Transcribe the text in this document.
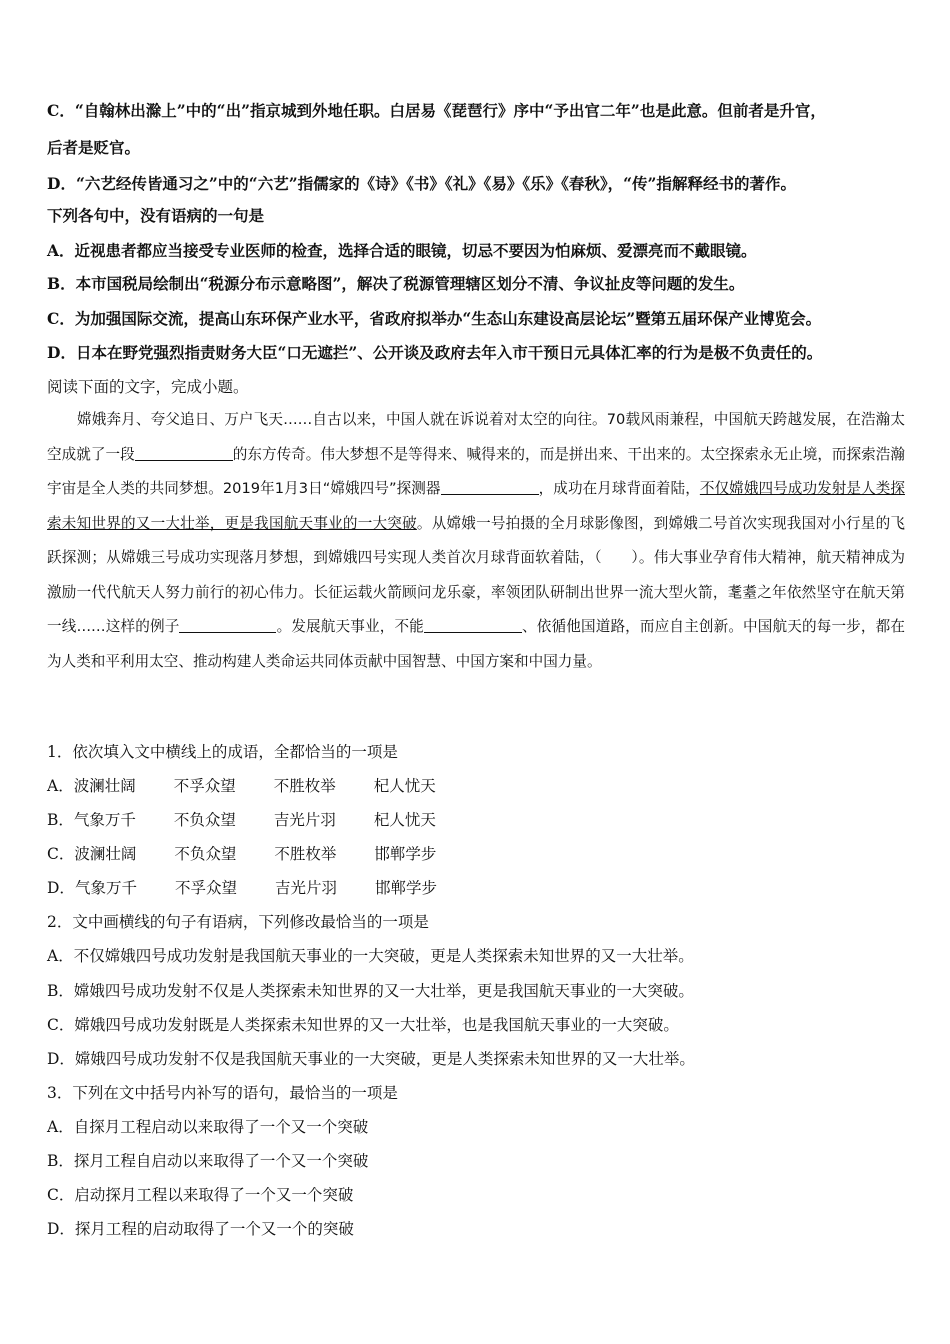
C．“自翰林出滁上”中的“出”指京城到外地任职。白居易《琵琶行》序中“予出官二年”也是此意。但前者是升官，
后者是贬官。
D．“六艺经传皆通习之”中的“六艺”指儒家的《诗》《书》《礼》《易》《乐》《春秋》，“传”指解释经书的著作。
下列各句中，没有语病的一句是
A．近视患者都应当接受专业医师的检查，选择合适的眼镜，切忌不要因为怕麻烦、爱漂亮而不戴眼镜。
B．本市国税局绘制出“税源分布示意略图”，解决了税源管理辖区划分不清、争议扯皮等问题的发生。
C．为加强国际交流，提高山东环保产业水平，省政府拟举办“生态山东建设高层论坛”暨第五届环保产业博览会。
D．日本在野党强烈指责财务大臣“口无遮拦”、公开谈及政府去年入市干预日元具体汇率的行为是极不负责任的。
阅读下面的文字，完成小题。
嫦娥奔月、夸父追日、万户飞天……自古以来，中国人就在诉说着对太空的向往。70载风雨兼程，中国航天跨越发展，在浩瀚太空成就了一段	的东方传奇。伟大梦想不是等得来、喊得来的，而是拼出来、干出来的。太空探索永无止境，而探索浩瀚宇宙是全人类的共同梦想。2019年1月3日“嫦娥四号”探测器	，成功在月球背面着陆，不仅嫦娥四号成功发射是人类探索未知世界的又一大壮举，更是我国航天事业的一大突破。从嫦娥一号拍摄的全月球影像图，到嫦娥二号首次实现我国对小行星的飞跃探测；从嫦娥三号成功实现落月梦想，到嫦娥四号实现人类首次月球背面软着陆，（　　）。伟大事业孕育伟大精神，航天精神成为激励一代代航天人努力前行的初心伟力。长征运载火箭顾问龙乐豪，率领团队研制出世界一流大型火箭，耄耋之年依然坚守在航天第一线……这样的例子	。发展航天事业，不能	、依循他国道路，而应自主创新。中国航天的每一步，都在为人类和平利用太空、推动构建人类命运共同体贡献中国智慧、中国方案和中国力量。
1．依次填入文中横线上的成语，全都恰当的一项是
A．波澜壮阔 不孚众望 不胜枚举 杞人忧天
B．气象万千 不负众望 吉光片羽 杞人忧天
C．波澜壮阔 不负众望 不胜枚举 邯郸学步
D．气象万千 不孚众望 吉光片羽 邯郸学步
2．文中画横线的句子有语病，下列修改最恰当的一项是
A．不仅嫦娥四号成功发射是我国航天事业的一大突破，更是人类探索未知世界的又一大壮举。
B．嫦娥四号成功发射不仅是人类探索未知世界的又一大壮举，更是我国航天事业的一大突破。
C．嫦娥四号成功发射既是人类探索未知世界的又一大壮举，也是我国航天事业的一大突破。
D．嫦娥四号成功发射不仅是我国航天事业的一大突破，更是人类探索未知世界的又一大壮举。
3．下列在文中括号内补写的语句，最恰当的一项是
A．自探月工程启动以来取得了一个又一个突破
B．探月工程自启动以来取得了一个又一个突破
C．启动探月工程以来取得了一个又一个突破
D．探月工程的启动取得了一个又一个的突破
